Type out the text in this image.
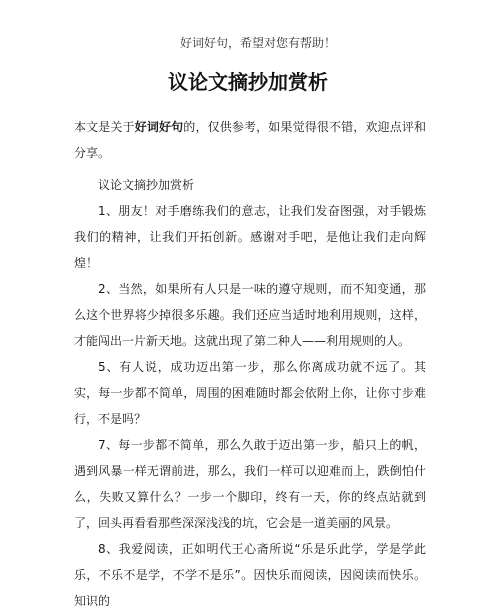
好词好句，希望对您有帮助！
议论文摘抄加赏析

本文是关于好词好句的，仅供参考，如果觉得很不错，欢迎点评和分享。

议论文摘抄加赏析

1、朋友！对手磨练我们的意志，让我们发奋图强，对手锻炼我们的精神，让我们开拓创新。感谢对手吧，是他让我们走向辉煌！

2、当然，如果所有人只是一味的遵守规则，而不知变通，那么这个世界将少掉很多乐趣。我们还应当适时地利用规则，这样，才能闯出一片新天地。这就出现了第二种人——利用规则的人。

5、有人说，成功迈出第一步，那么你离成功就不远了。其实，每一步都不简单，周围的困难随时都会依附上你，让你寸步难行，不是吗？

7、每一步都不简单，那么久敢于迈出第一步，船只上的帆，遇到风暴一样无谓前进，那么，我们一样可以迎难而上，跌倒怕什么，失败又算什么？一步一个脚印，终有一天，你的终点站就到了，回头再看看那些深深浅浅的坑，它会是一道美丽的风景。

8、我爱阅读，正如明代王心斋所说“乐是乐此学，学是学此乐，不乐不是学，不学不是乐”。因快乐而阅读，因阅读而快乐。知识的
